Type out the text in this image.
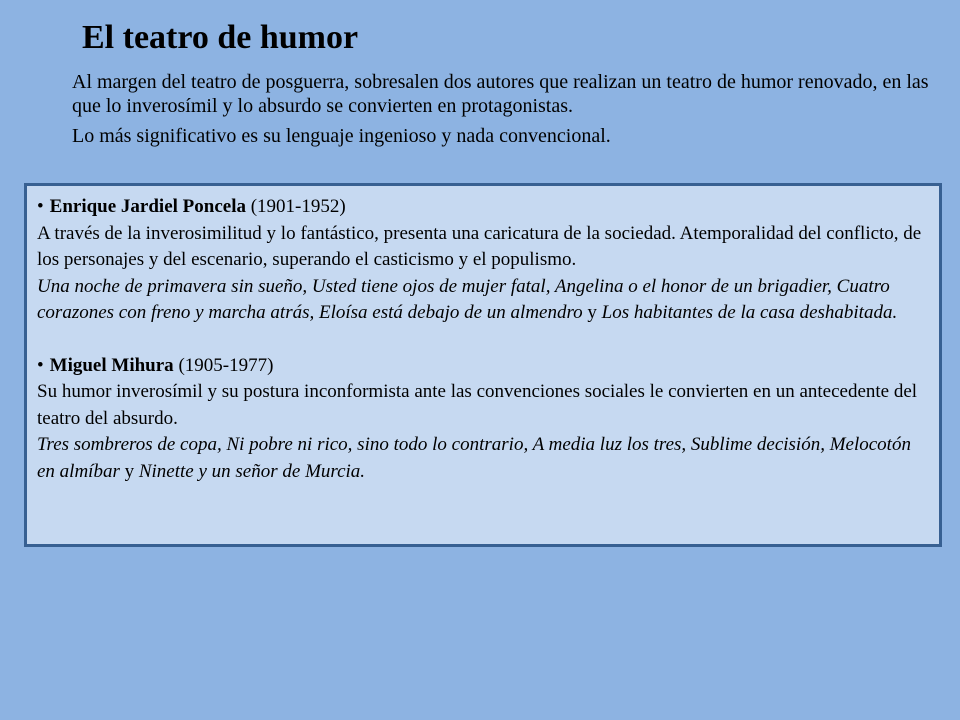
El teatro de humor

Al margen del teatro de posguerra, sobresalen dos autores que realizan un teatro de humor renovado, en las que lo inverosímil y lo absurdo se convierten en protagonistas.

Lo más significativo es su lenguaje ingenioso y nada convencional.

• Enrique Jardiel Poncela (1901-1952)

A través de la inverosimilitud y lo fantástico, presenta una caricatura de la sociedad. Atemporalidad del conflicto, de los personajes y del escenario, superando el casticismo y el populismo.

Una noche de primavera sin sueño, Usted tiene ojos de mujer fatal, Angelina o el honor de un brigadier, Cuatro corazones con freno y marcha atrás, Eloísa está debajo de un almendro y Los habitantes de la casa deshabitada.

• Miguel Mihura (1905-1977)

Su humor inverosímil y su postura inconformista ante las convenciones sociales le convierten en un antecedente del teatro del absurdo.

Tres sombreros de copa, Ni pobre ni rico, sino todo lo contrario, A media luz los tres, Sublime decisión, Melocotón en almíbar y Ninette y un señor de Murcia.
